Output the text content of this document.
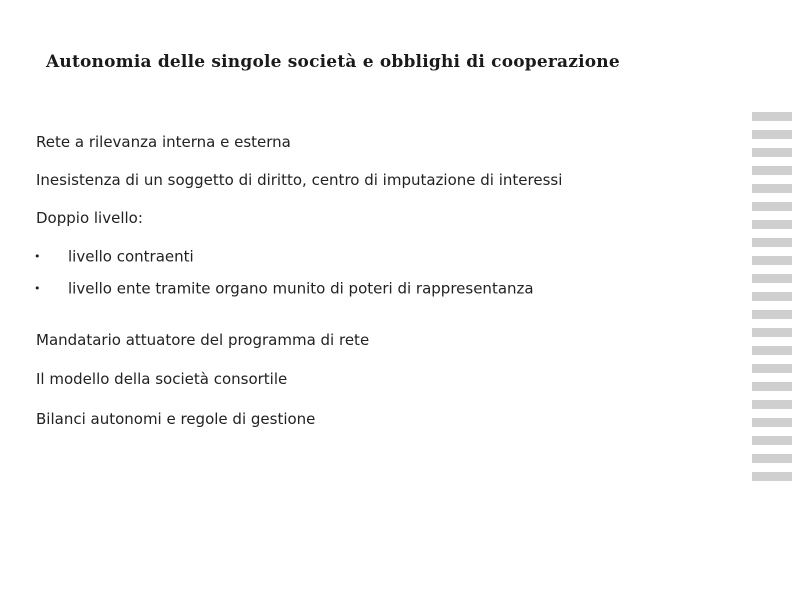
Autonomia delle singole società e obblighi di cooperazione
Rete a rilevanza interna e esterna
Inesistenza di un soggetto di diritto, centro di imputazione di interessi
Doppio livello:
• livello contraenti
• livello ente tramite organo munito di poteri di rappresentanza
Mandatario attuatore del programma di rete
Il modello della società consortile
Bilanci autonomi e regole di gestione
